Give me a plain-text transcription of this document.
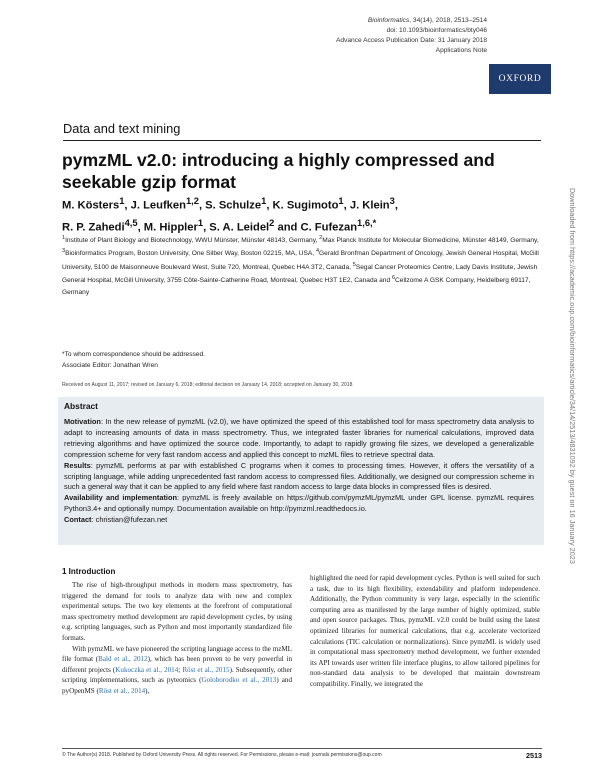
Bioinformatics, 34(14), 2018, 2513–2514
doi: 10.1093/bioinformatics/bty046
Advance Access Publication Date: 31 January 2018
Applications Note
OXFORD
Data and text mining
pymzML v2.0: introducing a highly compressed and seekable gzip format
M. Kösters$^1$, J. Leufken$^{1,2}$, S. Schulze$^1$, K. Sugimoto$^1$, J. Klein$^3$,
R. P. Zahedi$^{4,5}$, M. Hippler$^1$, S. A. Leidel$^2$ and C. Fufezan$^{1,6,*}$
$^1$Institute of Plant Biology and Biotechnology, WWU Münster, Münster 48143, Germany, $^2$Max Planck Institute for Molecular Biomedicine, Münster 48149, Germany, $^3$Bioinformatics Program, Boston University, One Silber Way, Boston 02215, MA, USA, $^4$Gerald Bronfman Department of Oncology, Jewish General Hospital, McGill University, 5100 de Maisonneuve Boulevard West, Suite 720, Montreal, Quebec H4A 3T2, Canada, $^5$Segal Cancer Proteomics Centre, Lady Davis Institute, Jewish General Hospital, McGill University, 3755 Côte-Sainte-Catherine Road, Montreal, Quebec H3T 1E2, Canada and $^6$Cellzome A GSK Company, Heidelberg 69117, Germany
*To whom correspondence should be addressed.
Associate Editor: Jonathan Wren
Received on August 11, 2017; revised on January 6, 2018; editorial decision on January 14, 2018; accepted on January 30, 2018
Abstract

Motivation: In the new release of pymzML (v2.0), we have optimized the speed of this established tool for mass spectrometry data analysis to adapt to increasing amounts of data in mass spectrometry. Thus, we integrated faster libraries for numerical calculations, improved data retrieving algorithms and have optimized the source code. Importantly, to adapt to rapidly growing file sizes, we developed a generalizable compression scheme for very fast random access and applied this concept to mzML files to retrieve spectral data.

Results: pymzML performs at par with established C programs when it comes to processing times. However, it offers the versatility of a scripting language, while adding unprecedented fast random access to compressed files. Additionally, we designed our compression scheme in such a general way that it can be applied to any field where fast random access to large data blocks in compressed files is desired.

Availability and implementation: pymzML is freely available on https://github.com/pymzML/pymzML under GPL license. pymzML requires Python3.4+ and optionally numpy. Documentation available on http://pymzml.readthedocs.io.

Contact: christian@fufezan.net

1 Introduction

The rise of high-throughput methods in modern mass spectrometry, has triggered the demand for tools to analyze data with new and complex experimental setups. The two key elements at the forefront of computational mass spectrometry method development are rapid development cycles, by using e.g. scripting languages, such as Python and most importantly standardized file formats.

With pymzML we have pioneered the scripting language access to the mzML file format (Bald et al., 2012), which has been proven to be very powerful in different projects (Kukoczka et al., 2014; Röst et al., 2015). Subsequently, other scripting implementations, such as pyteomics (Goloborodko et al., 2013) and pyOpenMS (Röst et al., 2014),

highlighted the need for rapid development cycles. Python is well suited for such a task, due to its high flexibility, extendability and platform independence. Additionally, the Python community is very large, especially in the scientific computing area as manifested by the large number of highly optimized, stable and open source packages. Thus, pymzML v2.0 could be build using the latest optimized libraries for numerical calculations, that e.g. accelerate vectorized calculations (TIC calculation or normalizations). Since pymzML is widely used in computational mass spectrometry method development, we further extended its API towards user written file interface plugins, to allow tailored pipelines for non-standard data analysis to be developed that maintain downstream compatibility. Finally, we integrated the

© The Author(s) 2018. Published by Oxford University Press. All rights reserved. For Permissions, please e-mail: journals.permissions@oup.com	2513
Downloaded from https://academic.oup.com/bioinformatics/article/34/14/2513/4831092 by guest on 16 January 2023
